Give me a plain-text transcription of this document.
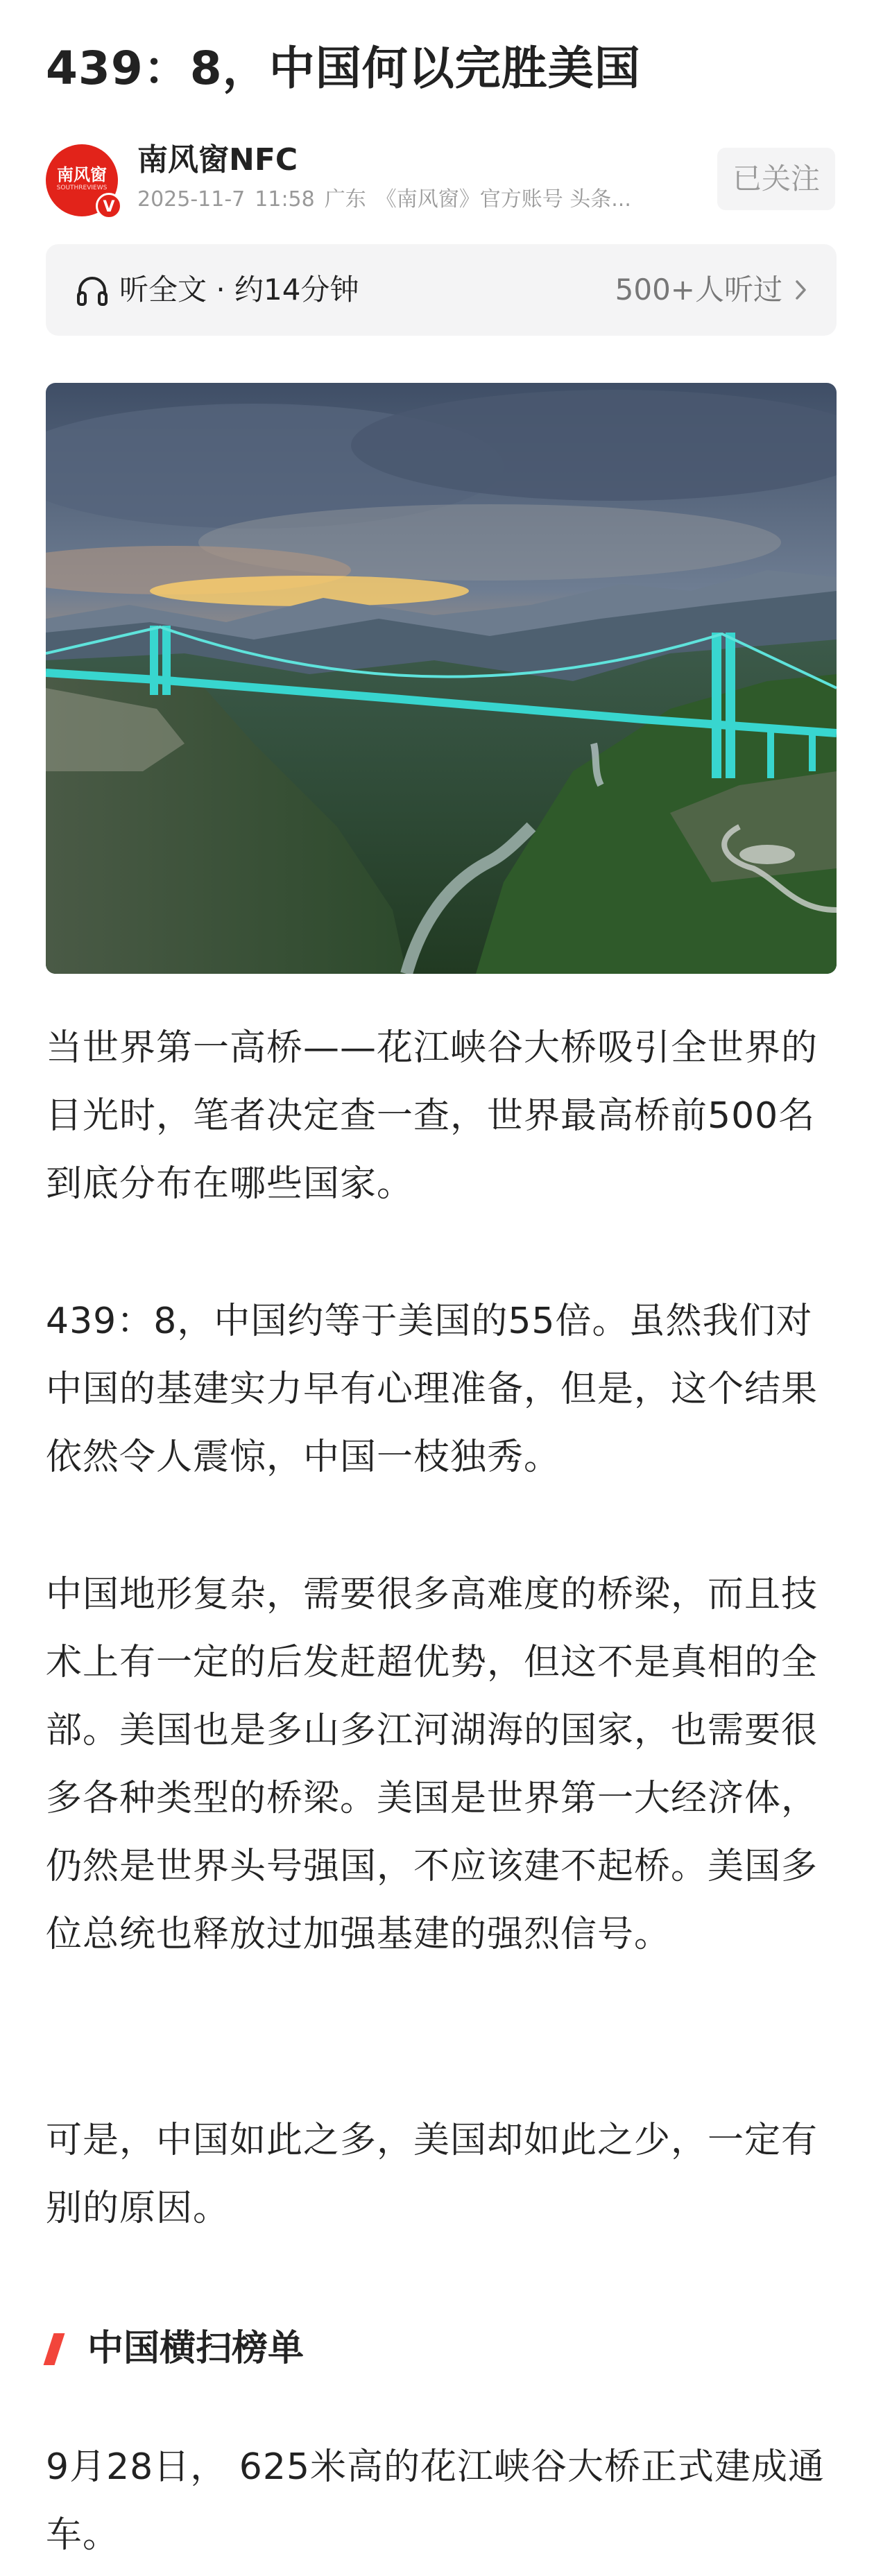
439：8，中国何以完胜美国
南风窗
SOUTHREVIEWS
V
南风窗NFC
2025-11-7 11:58 广东 《南风窗》官方账号 头条...
已关注
听全文 · 约14分钟	500+人听过

当世界第一高桥——花江峡谷大桥吸引全世界的目光时，笔者决定查一查，世界最高桥前500名到底分布在哪些国家。

439：8，中国约等于美国的55倍。虽然我们对中国的基建实力早有心理准备，但是，这个结果依然令人震惊，中国一枝独秀。

中国地形复杂，需要很多高难度的桥梁，而且技术上有一定的后发赶超优势，但这不是真相的全部。美国也是多山多江河湖海的国家，也需要很多各种类型的桥梁。美国是世界第一大经济体，仍然是世界头号强国，不应该建不起桥。美国多位总统也释放过加强基建的强烈信号。

可是，中国如此之多，美国却如此之少，一定有别的原因。

中国横扫榜单

9月28日， 625米高的花江峡谷大桥正式建成通车。
